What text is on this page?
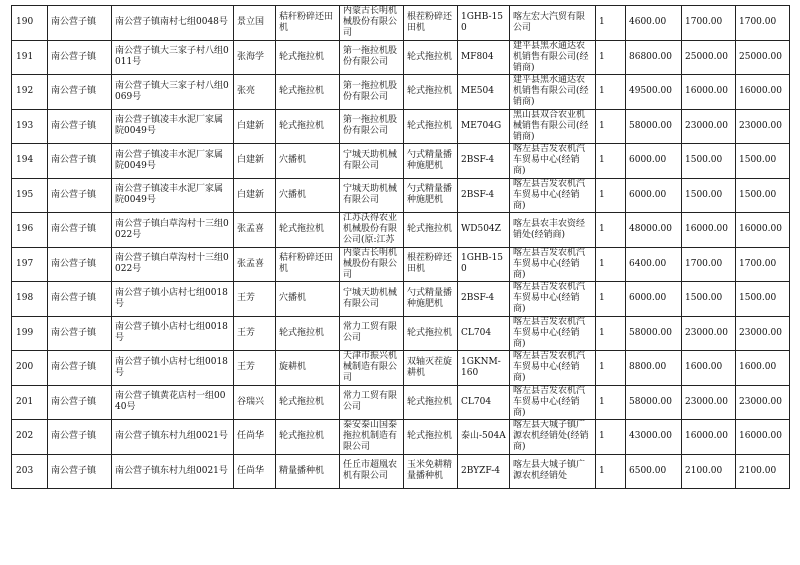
190	南公营子镇	南公营子镇南村七组0048号	景立国	秸秆粉碎还田机	内蒙古长明机械股份有限公司	根茬粉碎还田机	1GHB-150	喀左宏大汽贸有限公司	1	4600.00	1700.00	1700.00
191	南公营子镇	南公营子镇大三家子村八组0011号	张海学	轮式拖拉机	第一拖拉机股份有限公司	轮式拖拉机	MF804	建平县黑水通达农机销售有限公司(经销商)	1	86800.00	25000.00	25000.00
192	南公营子镇	南公营子镇大三家子村八组0069号	张亮	轮式拖拉机	第一拖拉机股份有限公司	轮式拖拉机	ME504	建平县黑水通达农机销售有限公司(经销商)	1	49500.00	16000.00	16000.00
193	南公营子镇	南公营子镇凌丰水泥厂家属院0049号	白建新	轮式拖拉机	第一拖拉机股份有限公司	轮式拖拉机	ME704G	黑山县双合农业机械销售有限公司(经销商)	1	58000.00	23000.00	23000.00
194	南公营子镇	南公营子镇凌丰水泥厂家属院0049号	白建新	穴播机	宁城天助机械有限公司	勺式精量播种施肥机	2BSF-4	喀左县吉发农机汽车贸易中心(经销商)	1	6000.00	1500.00	1500.00
195	南公营子镇	南公营子镇凌丰水泥厂家属院0049号	白建新	穴播机	宁城天助机械有限公司	勺式精量播种施肥机	2BSF-4	喀左县吉发农机汽车贸易中心(经销商)	1	6000.00	1500.00	1500.00
196	南公营子镇	南公营子镇白草沟村十三组0022号	张孟喜	轮式拖拉机	江苏沃得农业机械股份有限公司(原:江苏	轮式拖拉机	WD504Z	喀左县农丰农资经销处(经销商)	1	48000.00	16000.00	16000.00
197	南公营子镇	南公营子镇白草沟村十三组0022号	张孟喜	秸秆粉碎还田机	内蒙古长明机械股份有限公司	根茬粉碎还田机	1GHB-150	喀左县吉发农机汽车贸易中心(经销商)	1	6400.00	1700.00	1700.00
198	南公营子镇	南公营子镇小店村七组0018号	王芳	穴播机	宁城天助机械有限公司	勺式精量播种施肥机	2BSF-4	喀左县吉发农机汽车贸易中心(经销商)	1	6000.00	1500.00	1500.00
199	南公营子镇	南公营子镇小店村七组0018号	王芳	轮式拖拉机	常力工贸有限公司	轮式拖拉机	CL704	喀左县吉发农机汽车贸易中心(经销商)	1	58000.00	23000.00	23000.00
200	南公营子镇	南公营子镇小店村七组0018号	王芳	旋耕机	天津市振兴机械制造有限公司	双轴灭茬旋耕机	1GKNM-160	喀左县吉发农机汽车贸易中心(经销商)	1	8800.00	1600.00	1600.00
201	南公营子镇	南公营子镇黄花店村一组0040号	谷瑞兴	轮式拖拉机	常力工贸有限公司	轮式拖拉机	CL704	喀左县吉发农机汽车贸易中心(经销商)	1	58000.00	23000.00	23000.00
202	南公营子镇	南公营子镇东村九组0021号	任尚华	轮式拖拉机	泰安泰山国泰拖拉机制造有限公司	轮式拖拉机	泰山-504A	喀左县大城子镇广源农机经销处(经销商)	1	43000.00	16000.00	16000.00
203	南公营子镇	南公营子镇东村九组0021号	任尚华	精量播种机	任丘市超凰农机有限公司	玉米免耕精量播种机	2BYZF-4	喀左县大城子镇广源农机经销处	1	6500.00	2100.00	2100.00
